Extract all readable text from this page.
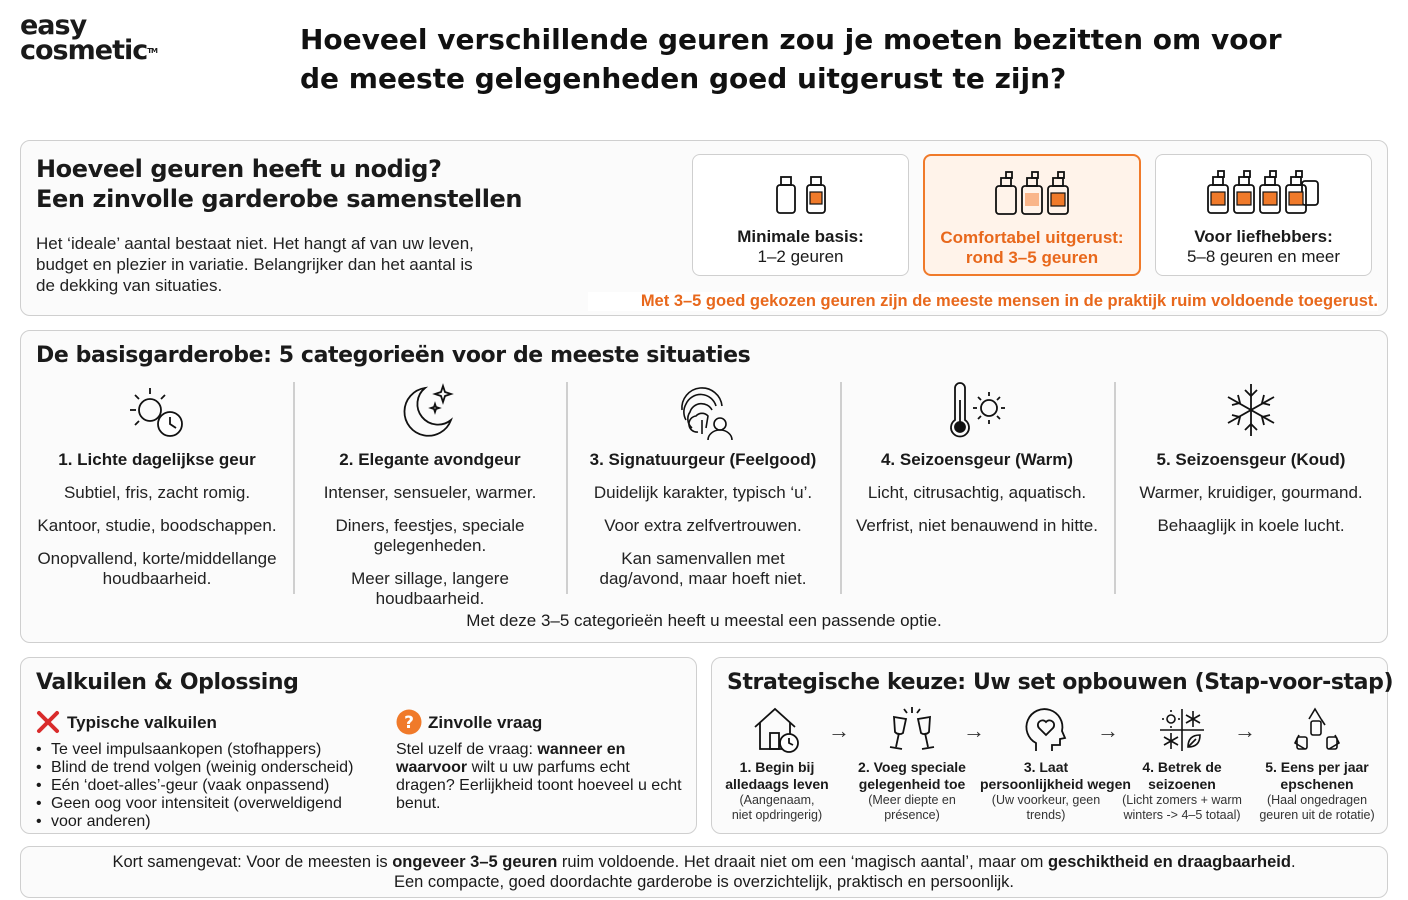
easy
cosmetic™	Hoeveel verschillende geuren zou je moeten bezitten om voor
de meeste gelegenheden goed uitgerust te zijn?
Hoeveel geuren heeft u nodig?
Een zinvolle garderobe samenstellen
Het ‘ideale’ aantal bestaat niet. Het hangt af van uw leven,
budget en plezier in variatie. Belangrijker dan het aantal is
de dekking van situaties.
Minimale basis:
1–2 geuren
Comfortabel uitgerust:
rond 3–5 geuren
Voor liefhebbers:
5–8 geuren en meer
Met 3–5 goed gekozen geuren zijn de meeste mensen in de praktijk ruim voldoende toegerust.
De basisgarderobe: 5 categorieën voor de meeste situaties
1. Lichte dagelijkse geur
Subtiel, fris, zacht romig.
Kantoor, studie, boodschappen.
Onopvallend, korte/middellange
houdbaarheid.
2. Elegante avondgeur
Intenser, sensueler, warmer.
Diners, feestjes, speciale
gelegenheden.
Meer sillage, langere
houdbaarheid.
3. Signatuurgeur (Feelgood)
Duidelijk karakter, typisch ‘u’.
Voor extra zelfvertrouwen.
Kan samenvallen met
dag/avond, maar hoeft niet.
4. Seizoensgeur (Warm)
Licht, citrusachtig, aquatisch.
Verfrist, niet benauwend in hitte.
5. Seizoensgeur (Koud)
Warmer, kruidiger, gourmand.
Behaaglijk in koele lucht.
Met deze 3–5 categorieën heeft u meestal een passende optie.
Valkuilen & Oplossing
Typische valkuilen
• Te veel impulsaankopen (stofhappers)
• Blind de trend volgen (weinig onderscheid)
• Eén ‘doet-alles’-geur (vaak onpassend)
• Geen oog voor intensiteit (overweldigend
• voor anderen)
? Zinvolle vraag
Stel uzelf de vraag: wanneer en waarvoor wilt u uw parfums echt dragen? Eerlijkheid toont hoeveel u echt benut.
Strategische keuze: Uw set opbouwen (Stap-voor-stap)
1. Begin bij
alledaags leven
(Aangenaam,
niet opdringerig)
→
2. Voeg speciale
gelegenheid toe
(Meer diepte en
présence)
→
3. Laat
persoonlijkheid wegen
(Uw voorkeur, geen
trends)
→
4. Betrek de
seizoenen
(Licht zomers + warm
winters -> 4–5 totaal)
→
5. Eens per jaar
epschenen
(Haal ongedragen
geuren uit de rotatie)
Kort samengevat: Voor de meesten is ongeveer 3–5 geuren ruim voldoende. Het draait niet om een ‘magisch aantal’, maar om geschiktheid en draagbaarheid.
Een compacte, goed doordachte garderobe is overzichtelijk, praktisch en persoonlijk.
